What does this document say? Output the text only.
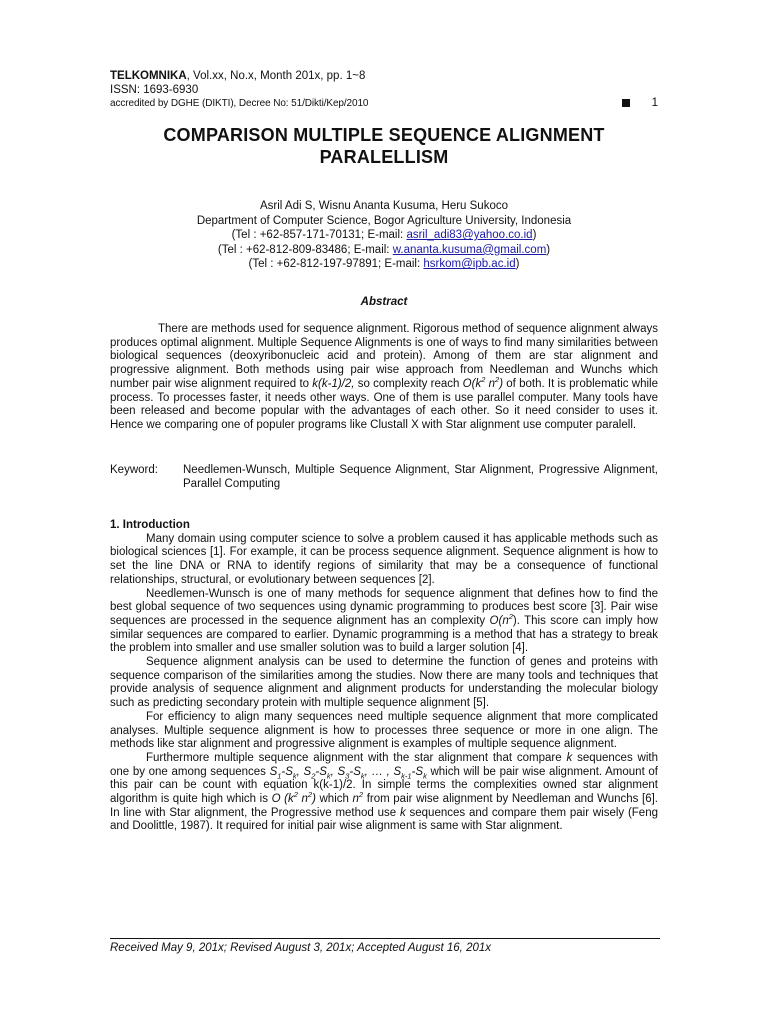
TELKOMNIKA, Vol.xx, No.x, Month 201x, pp. 1~8
ISSN: 1693-6930
accredited by DGHE (DIKTI), Decree No: 51/Dikti/Kep/2010	1
COMPARISON MULTIPLE SEQUENCE ALIGNMENT
PARALELLISM
Asril Adi S, Wisnu Ananta Kusuma, Heru Sukoco
Department of Computer Science, Bogor Agriculture University, Indonesia
(Tel : +62-857-171-70131; E-mail: asril_adi83@yahoo.co.id)
(Tel : +62-812-809-83486; E-mail: w.ananta.kusuma@gmail.com)
(Tel : +62-812-197-97891; E-mail: hsrkom@ipb.ac.id)
Abstract

There are methods used for sequence alignment. Rigorous method of sequence alignment always produces optimal alignment. Multiple Sequence Alignments is one of ways to find many similarities between biological sequences (deoxyribonucleic acid and protein). Among of them are star alignment and progressive alignment. Both methods using pair wise approach from Needleman and Wunchs which number pair wise alignment required to k(k-1)/2, so complexity reach $O(k^2$ $n^2$) of both. It is problematic while process. To processes faster, it needs other ways. One of them is use parallel computer. Many tools have been released and become popular with the advantages of each other. So it need consider to uses it. Hence we comparing one of populer programs like Clustall X with Star alignment use computer paralell.

Keyword: Needlemen-Wunsch, Multiple Sequence Alignment, Star Alignment, Progressive Alignment, Parallel Computing
1. Introduction

Many domain using computer science to solve a problem caused it has applicable methods such as biological sciences [1]. For example, it can be process sequence alignment. Sequence alignment is how to set the line DNA or RNA to identify regions of similarity that may be a consequence of functional relationships, structural, or evolutionary between sequences [2].

Needlemen-Wunsch is one of many methods for sequence alignment that defines how to find the best global sequence of two sequences using dynamic programming to produces best score [3]. Pair wise sequences are processed in the sequence alignment has an complexity $O(n^2)$. This score can imply how similar sequences are compared to earlier. Dynamic programming is a method that has a strategy to break the problem into smaller and use smaller solution was to build a larger solution [4].

Sequence alignment analysis can be used to determine the function of genes and proteins with sequence comparison of the similarities among the studies. Now there are many tools and techniques that provide analysis of sequence alignment and alignment products for understanding the molecular biology such as predicting secondary protein with multiple sequence alignment [5].

For efficiency to align many sequences need multiple sequence alignment that more complicated analyses. Multiple sequence alignment is how to processes three sequence or more in one align. The methods like star alignment and progressive alignment is examples of multiple sequence alignment.

Furthermore multiple sequence alignment with the star alignment that compare k sequences with one by one among sequences $S_1-S_k$, $S_2-S_k$, $S_3-S_k$, … , $S_{k-1}-S_k$ which will be pair wise alignment. Amount of this pair can be count with equation k(k-1)/2. In simple terms the complexities owned star alignment algorithm is quite high which is O ($k^2$ $n^2$) which $n^2$ from pair wise alignment by Needleman and Wunchs [6]. In line with Star alignment, the Progressive method use k sequences and compare them pair wisely (Feng and Doolittle, 1987). It required for initial pair wise alignment is same with Star alignment.

Received May 9, 201x; Revised August 3, 201x; Accepted August 16, 201x
